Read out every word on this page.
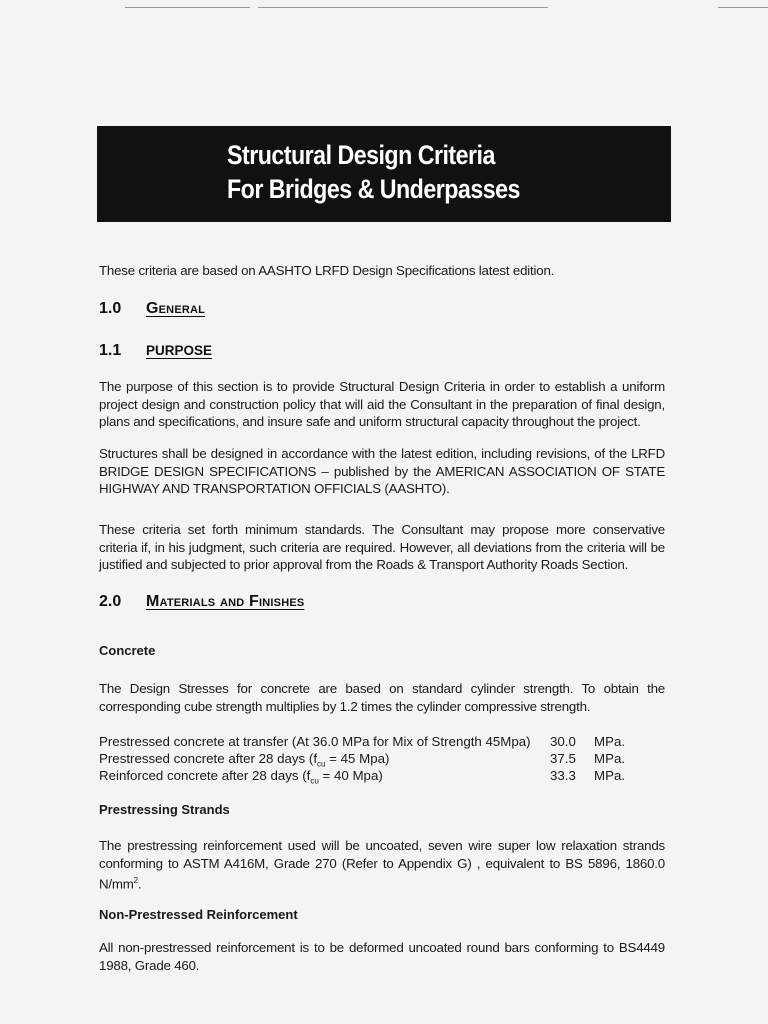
Structural Design Criteria
For Bridges & Underpasses
These criteria are based on AASHTO LRFD Design Specifications latest edition.
1.0 General
1.1 PURPOSE
The purpose of this section is to provide Structural Design Criteria in order to establish a uniform project design and construction policy that will aid the Consultant in the preparation of final design, plans and specifications, and insure safe and uniform structural capacity throughout the project.
Structures shall be designed in accordance with the latest edition, including revisions, of the LRFD BRIDGE DESIGN SPECIFICATIONS – published by the AMERICAN ASSOCIATION OF STATE HIGHWAY AND TRANSPORTATION OFFICIALS (AASHTO).
These criteria set forth minimum standards. The Consultant may propose more conservative criteria if, in his judgment, such criteria are required. However, all deviations from the criteria will be justified and subjected to prior approval from the Roads & Transport Authority Roads Section.
2.0 Materials and Finishes
Concrete
The Design Stresses for concrete are based on standard cylinder strength. To obtain the corresponding cube strength multiplies by 1.2 times the cylinder compressive strength.
Prestressed concrete at transfer (At 36.0 MPa for Mix of Strength 45Mpa) 30.0 MPa.
Prestressed concrete after 28 days ($f_{cu} = 45$ Mpa)	37.5 MPa.
Reinforced concrete after 28 days ($f_{cu} = 40$ Mpa)	33.3 MPa.
Prestressing Strands
The prestressing reinforcement used will be uncoated, seven wire super low relaxation strands conforming to ASTM A416M, Grade 270 (Refer to Appendix G) , equivalent to BS 5896, 1860.0 $N/mm^2$.
Non-Prestressed Reinforcement
All non-prestressed reinforcement is to be deformed uncoated round bars conforming to BS4449 1988, Grade 460.
